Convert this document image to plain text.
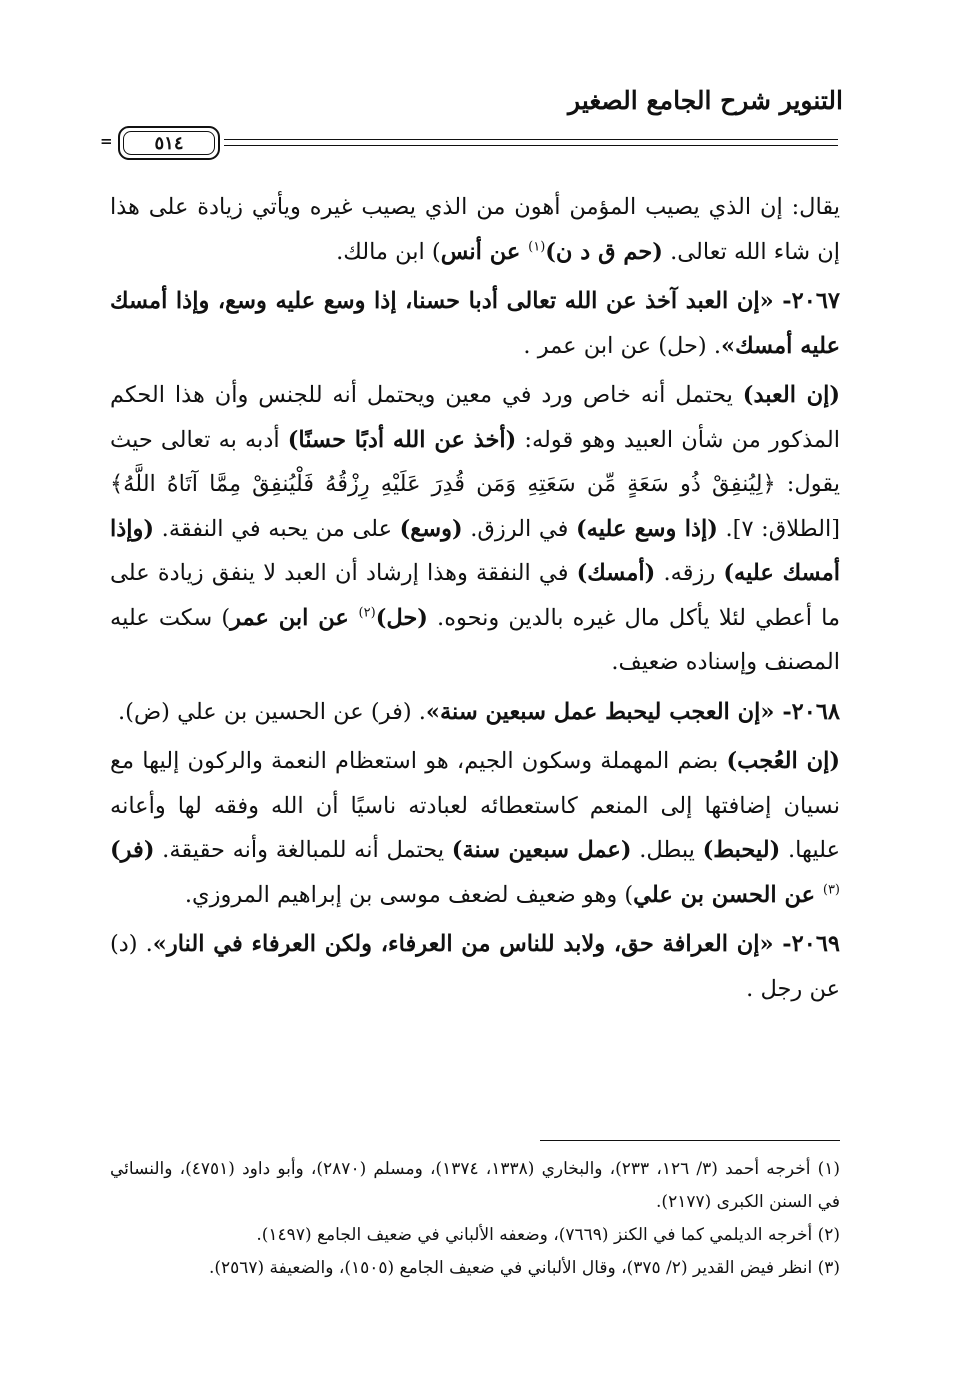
التنوير شرح الجامع الصغير
٥١٤
=

يقال: إن الذي يصيب المؤمن أهون من الذي يصيب غيره ويأتي زيادة على هذا إن شاء الله تعالى. (حم ق د ن)$^{(١)}$ عن أنس) ابن مالك.

٢٠٦٧- «إن العبد آخذ عن الله تعالى أدبا حسنا، إذا وسع عليه وسع، وإذا أمسك عليه أمسك». (حل) عن ابن عمر .

(إن العبد) يحتمل أنه خاص ورد في معين ويحتمل أنه للجنس وأن هذا الحكم المذكور من شأن العبيد وهو قوله: (أخذ عن الله أدبًا حسنًا) أدبه به تعالى حيث يقول: ﴿لِيُنفِقْ ذُو سَعَةٍ مِّن سَعَتِهِ وَمَن قُدِرَ عَلَيْهِ رِزْقُهُ فَلْيُنفِقْ مِمَّا آتَاهُ اللَّهُ﴾ [الطلاق: ٧]. (إذا وسع عليه) في الرزق. (وسع) على من يحبه في النفقة. (وإذا أمسك عليه) رزقه. (أمسك) في النفقة وهذا إرشاد أن العبد لا ينفق زيادة على ما أعطي لئلا يأكل مال غيره بالدين ونحوه. (حل)$^{(٢)}$ عن ابن عمر) سكت عليه المصنف وإسناده ضعيف.

٢٠٦٨- «إن العجب ليحبط عمل سبعين سنة». (فر) عن الحسين بن علي (ض).

(إن العُجب) بضم المهملة وسكون الجيم، هو استعظام النعمة والركون إليها مع نسيان إضافتها إلى المنعم كاستعطائه لعبادته ناسيًا أن الله وفقه لها وأعانه عليها. (ليحبط) يبطل. (عمل سبعين سنة) يحتمل أنه للمبالغة وأنه حقيقة. (فر)$^{(٣)}$ عن الحسن بن علي) وهو ضعيف لضعف موسى بن إبراهيم المروزي.

٢٠٦٩- «إن العرافة حق، ولابد للناس من العرفاء، ولكن العرفاء في النار». (د) عن رجل .

(١) أخرجه أحمد (٣/ ١٢٦، ٢٣٣)، والبخاري (١٣٣٨، ١٣٧٤)، ومسلم (٢٨٧٠)، وأبو داود (٤٧٥١)، والنسائي في السنن الكبرى (٢١٧٧).

(٢) أخرجه الديلمي كما في الكنز (٧٦٦٩)، وضعفه الألباني في ضعيف الجامع (١٤٩٧).

(٣) انظر فيض القدير (٢/ ٣٧٥)، وقال الألباني في ضعيف الجامع (١٥٠٥)، والضعيفة (٢٥٦٧).
